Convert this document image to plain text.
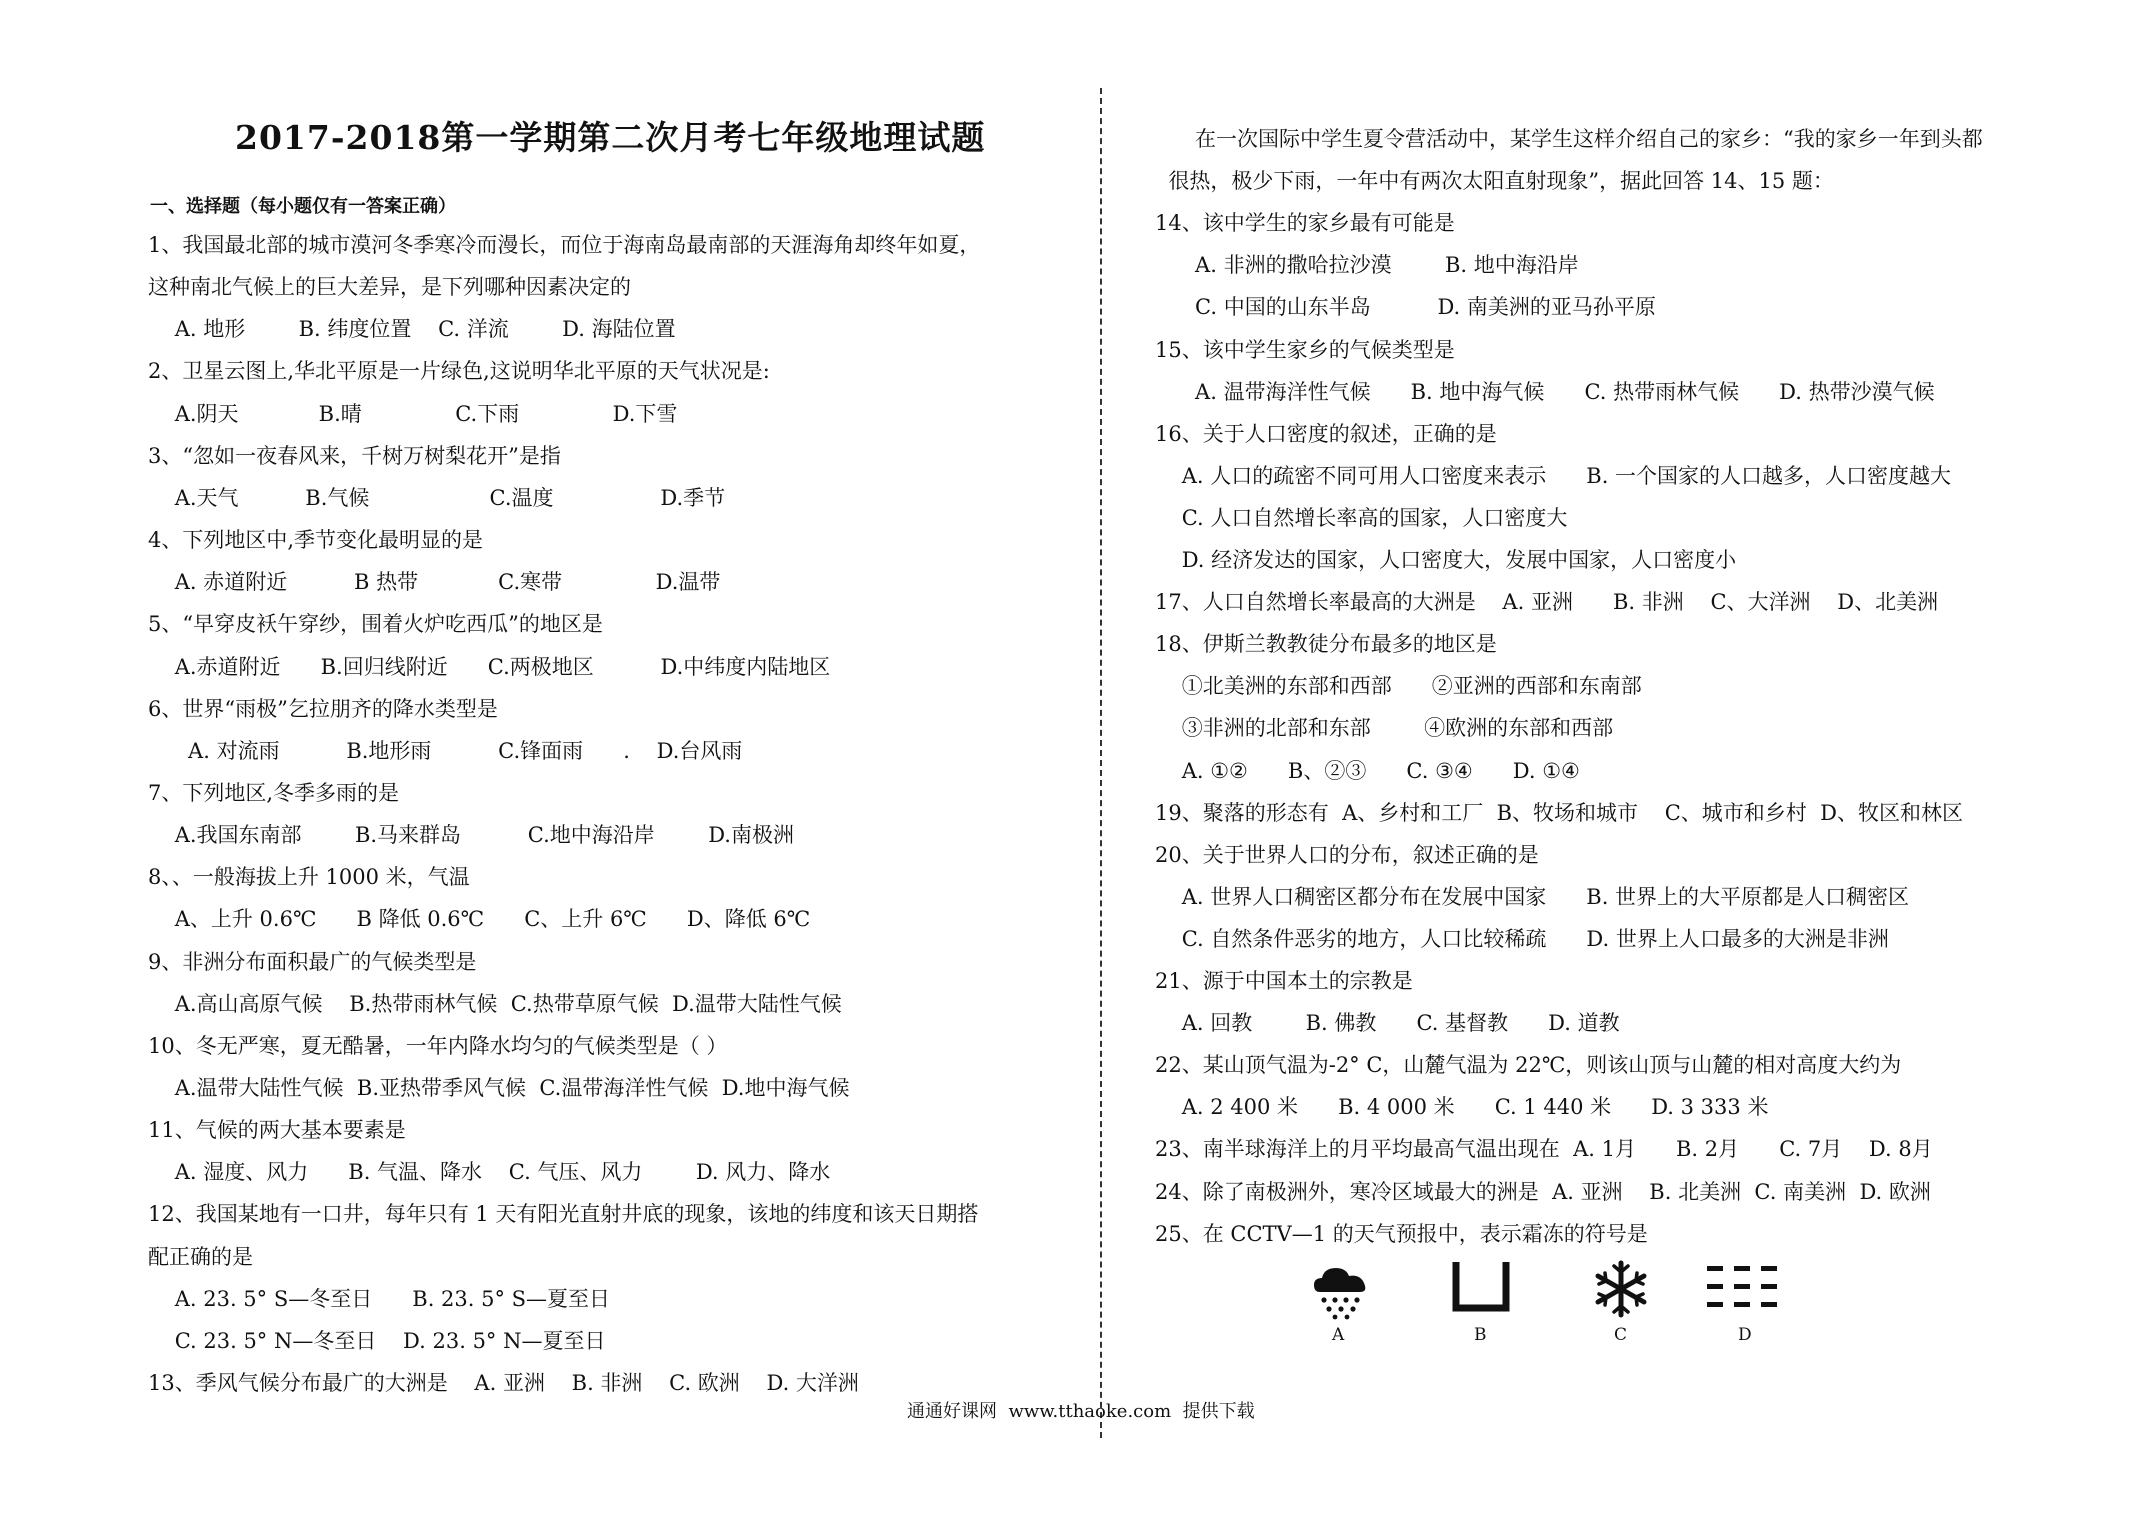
2017-2018第一学期第二次月考七年级地理试题
一、选择题（每小题仅有一答案正确）
1、我国最北部的城市漠河冬季寒冷而漫长，而位于海南岛最南部的天涯海角却终年如夏，
这种南北气候上的巨大差异，是下列哪种因素决定的
A. 地形        B. 纬度位置    C. 洋流        D. 海陆位置
2、卫星云图上,华北平原是一片绿色,这说明华北平原的天气状况是:
A.阴天            B.晴              C.下雨              D.下雪
3、“忽如一夜春风来，千树万树梨花开”是指
A.天气          B.气候                  C.温度                D.季节
4、下列地区中,季节变化最明显的是
A. 赤道附近          B 热带            C.寒带              D.温带
5、“早穿皮袄午穿纱，围着火炉吃西瓜”的地区是
A.赤道附近      B.回归线附近      C.两极地区          D.中纬度内陆地区
6、世界“雨极”乞拉朋齐的降水类型是
A. 对流雨          B.地形雨          C.锋面雨      .    D.台风雨
7、下列地区,冬季多雨的是
A.我国东南部        B.马来群岛          C.地中海沿岸        D.南极洲
8、、一般海拔上升 1000 米，气温
A、上升 0.6℃      B 降低 0.6℃      C、上升 6℃      D、降低 6℃
9、非洲分布面积最广的气候类型是
A.高山高原气候    B.热带雨林气候  C.热带草原气候  D.温带大陆性气候
10、冬无严寒，夏无酷暑，一年内降水均匀的气候类型是（ ）
A.温带大陆性气候  B.亚热带季风气候  C.温带海洋性气候  D.地中海气候
11、气候的两大基本要素是
A. 湿度、风力      B. 气温、降水    C. 气压、风力        D. 风力、降水
12、我国某地有一口井，每年只有 1 天有阳光直射井底的现象，该地的纬度和该天日期搭
配正确的是
A. 23. 5° S—冬至日      B. 23. 5° S—夏至日
C. 23. 5° N—冬至日    D. 23. 5° N—夏至日
13、季风气候分布最广的大洲是    A. 亚洲    B. 非洲    C. 欧洲    D. 大洋洲
在一次国际中学生夏令营活动中，某学生这样介绍自己的家乡：“我的家乡一年到头都
很热，极少下雨，一年中有两次太阳直射现象”，据此回答 14、15 题：
14、该中学生的家乡最有可能是
A. 非洲的撒哈拉沙漠        B. 地中海沿岸
C. 中国的山东半岛          D. 南美洲的亚马孙平原
15、该中学生家乡的气候类型是
A. 温带海洋性气候      B. 地中海气候      C. 热带雨林气候      D. 热带沙漠气候
16、关于人口密度的叙述，正确的是
A. 人口的疏密不同可用人口密度来表示      B. 一个国家的人口越多，人口密度越大
C. 人口自然增长率高的国家，人口密度大
D. 经济发达的国家，人口密度大，发展中国家，人口密度小
17、人口自然增长率最高的大洲是    A. 亚洲      B. 非洲    C、大洋洲    D、北美洲
18、伊斯兰教教徒分布最多的地区是
①北美洲的东部和西部      ②亚洲的西部和东南部
③非洲的北部和东部        ④欧洲的东部和西部
A. ①②      B、②③      C. ③④      D. ①④
19、聚落的形态有  A、乡村和工厂  B、牧场和城市    C、城市和乡村  D、牧区和林区
20、关于世界人口的分布，叙述正确的是
A. 世界人口稠密区都分布在发展中国家      B. 世界上的大平原都是人口稠密区
C. 自然条件恶劣的地方，人口比较稀疏      D. 世界上人口最多的大洲是非洲
21、源于中国本土的宗教是
A. 回教        B. 佛教      C. 基督教      D. 道教
22、某山顶气温为-2° C，山麓气温为 22℃，则该山顶与山麓的相对高度大约为
A. 2 400 米      B. 4 000 米      C. 1 440 米      D. 3 333 米
23、南半球海洋上的月平均最高气温出现在  A. 1月      B. 2月      C. 7月    D. 8月
24、除了南极洲外，寒冷区域最大的洲是  A. 亚洲    B. 北美洲  C. 南美洲  D. 欧洲
25、在 CCTV—1 的天气预报中，表示霜冻的符号是
A	B	C	D
通通好课网  www.tthaoke.com  提供下载
